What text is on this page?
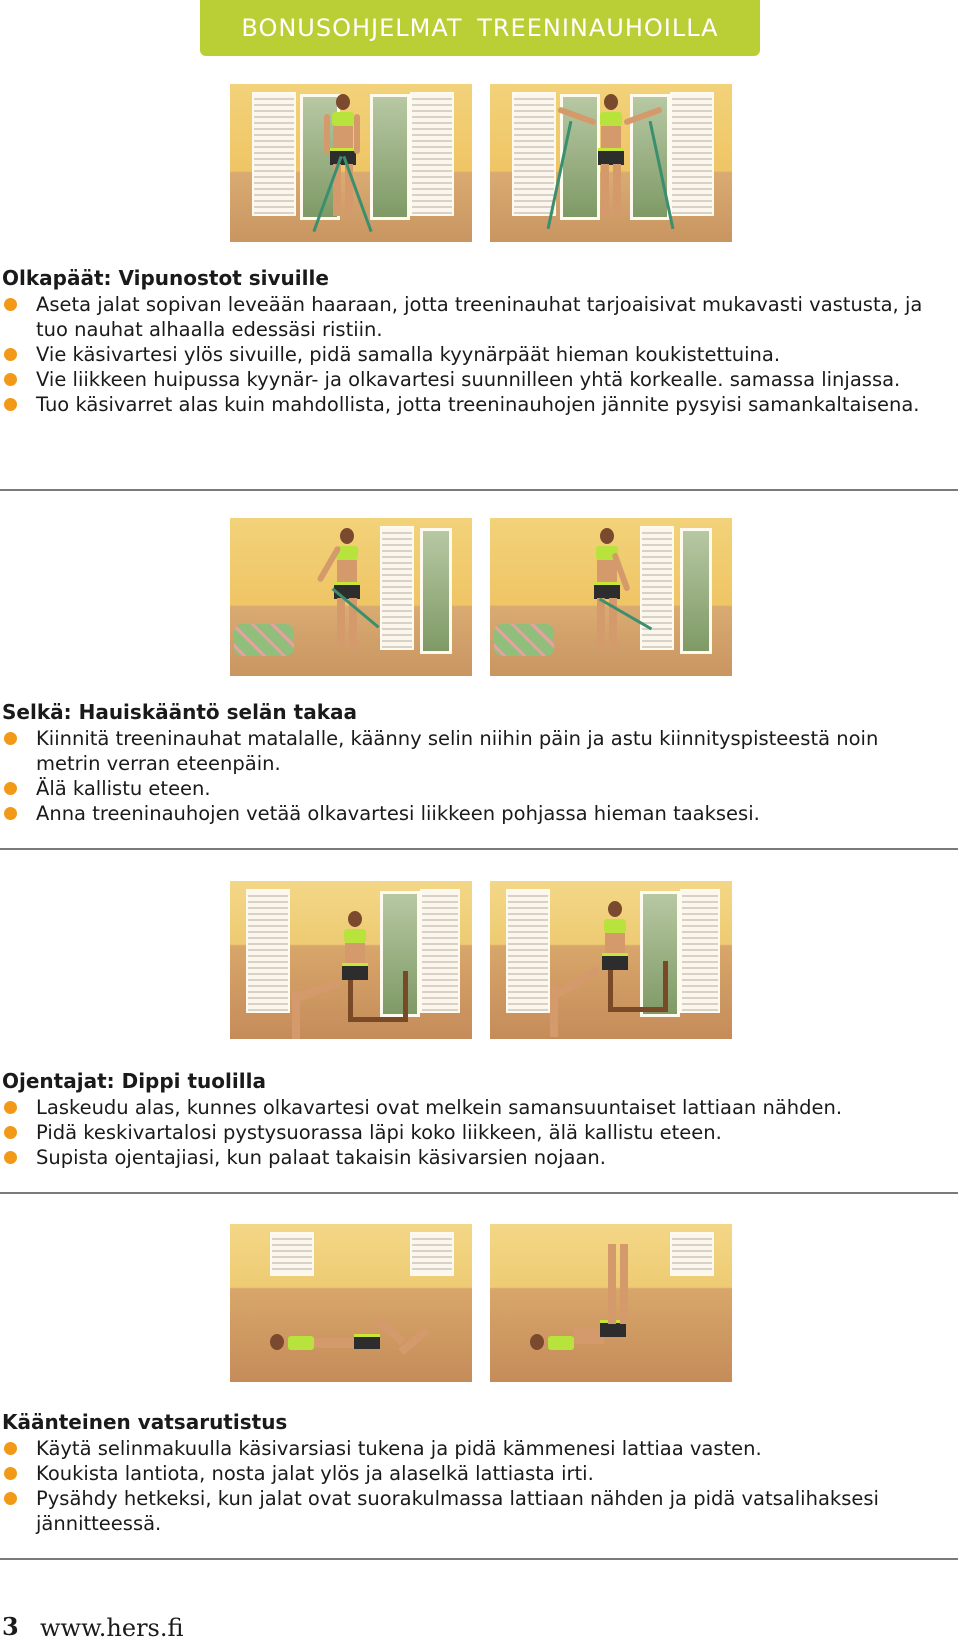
BONUSOHJELMAT TREENINAUHOILLA
Olkapäät: Vipunostot sivuille
Aseta jalat sopivan leveään haaraan, jotta treeninauhat tarjoaisivat mukavasti vastusta, ja tuo nauhat alhaalla edessäsi ristiin.
Vie käsivartesi ylös sivuille, pidä samalla kyynärpäät hieman koukistettuina.
Vie liikkeen huipussa kyynär- ja olkavartesi suunnilleen yhtä korkealle. samassa linjassa.
Tuo käsivarret alas kuin mahdollista, jotta treeninauhojen jännite pysyisi samankaltaisena.
Selkä: Hauiskääntö selän takaa
Kiinnitä treeninauhat matalalle, käänny selin niihin päin ja astu kiinnityspisteestä noin metrin verran eteenpäin.
Älä kallistu eteen.
Anna treeninauhojen vetää olkavartesi liikkeen pohjassa hieman taaksesi.
Ojentajat: Dippi tuolilla
Laskeudu alas, kunnes olkavartesi ovat melkein samansuuntaiset lattiaan nähden.
Pidä keskivartalosi pystysuorassa läpi koko liikkeen, älä kallistu eteen.
Supista ojentajiasi, kun palaat takaisin käsivarsien nojaan.
Käänteinen vatsarutistus
Käytä selinmakuulla käsivarsiasi tukena ja pidä kämmenesi lattiaa vasten.
Koukista lantiota, nosta jalat ylös ja alaselkä lattiasta irti.
Pysähdy hetkeksi, kun jalat ovat suorakulmassa lattiaan nähden ja pidä vatsalihaksesi jännitteessä.
3 www.hers.fi
